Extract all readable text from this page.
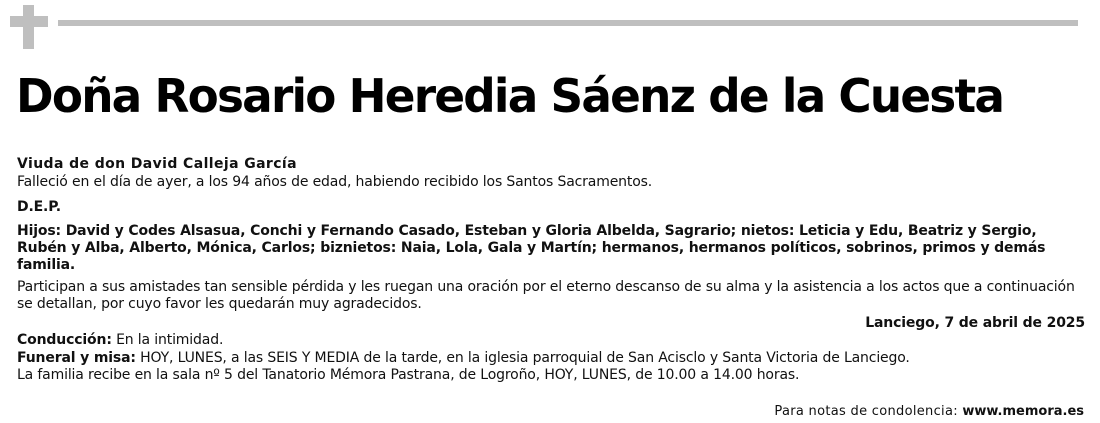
Doña Rosario Heredia Sáenz de la Cuesta

Viuda de don David Calleja García

Falleció en el día de ayer, a los 94 años de edad, habiendo recibido los Santos Sacramentos.

D.E.P.

Hijos: David y Codes Alsasua, Conchi y Fernando Casado, Esteban y Gloria Albelda, Sagrario; nietos: Leticia y Edu, Beatriz y Sergio, Rubén y Alba, Alberto, Mónica, Carlos; biznietos: Naia, Lola, Gala y Martín; hermanos, hermanos políticos, sobrinos, primos y demás familia.

Participan a sus amistades tan sensible pérdida y les ruegan una oración por el eterno descanso de su alma y la asistencia a los actos que a continuación se detallan, por cuyo favor les quedarán muy agradecidos.

Lanciego, 7 de abril de 2025

Conducción: En la intimidad.

Funeral y misa: HOY, LUNES, a las SEIS Y MEDIA de la tarde, en la iglesia parroquial de San Acisclo y Santa Victoria de Lanciego.

La familia recibe en la sala nº 5 del Tanatorio Mémora Pastrana, de Logroño, HOY, LUNES, de 10.00 a 14.00 horas.

Para notas de condolencia: www.memora.es
